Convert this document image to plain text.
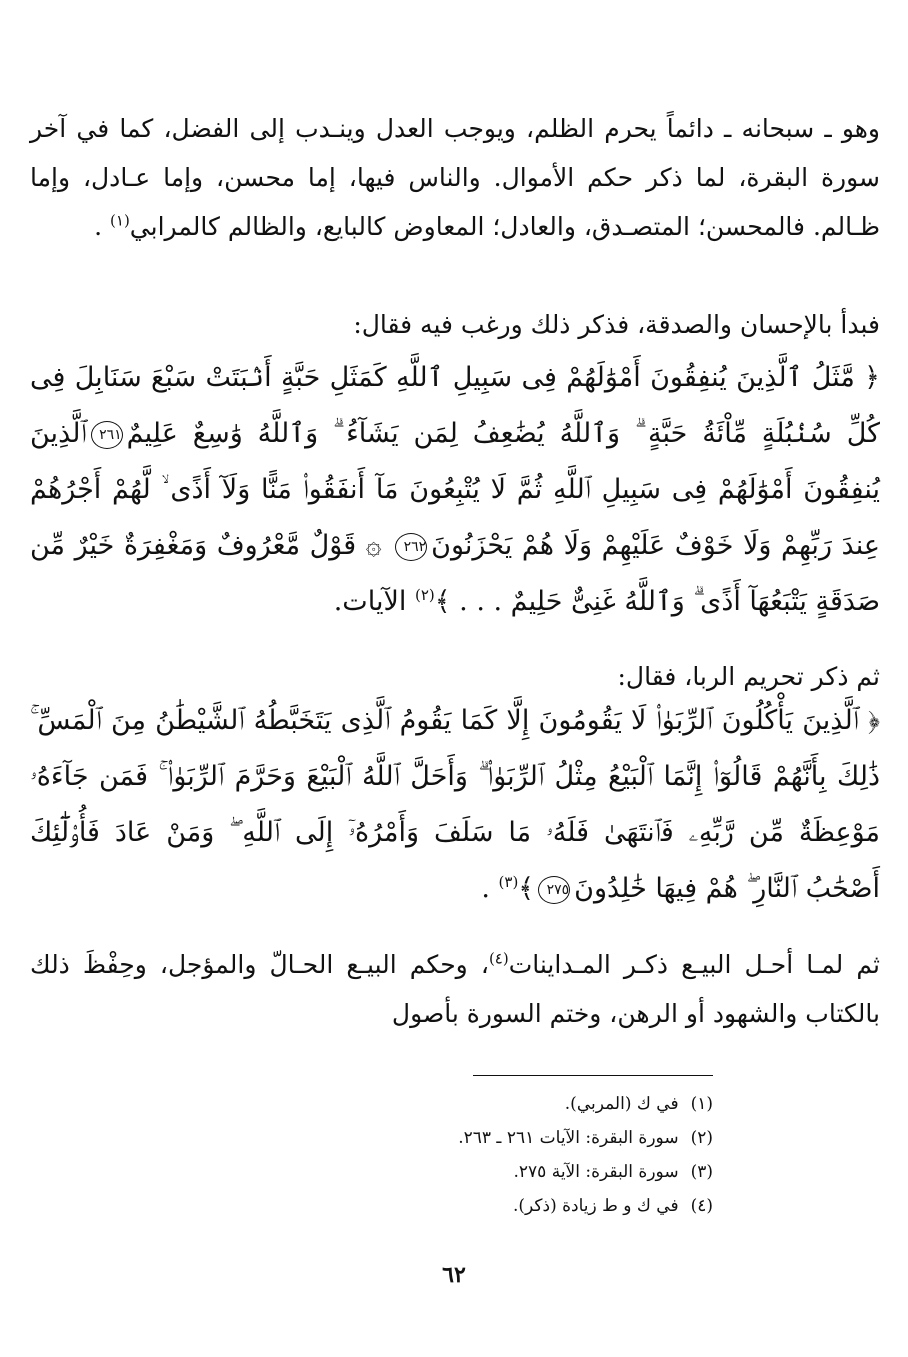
وهو ـ سبحانه ـ دائماً يحرم الظلم، ويوجب العدل وينـدب إلى الفضل، كما في آخر سورة البقرة، لما ذكر حكم الأموال. والناس فيها، إما محسن، وإما عـادل، وإما ظـالم. فالمحسن؛ المتصـدق، والعادل؛ المعاوض كالبايع، والظالم كالمرابي$^{(١)}$ .

فبدأ بالإحسان والصدقة، فذكر ذلك ورغب فيه فقال:

﴿ مَّثَلُ ٱلَّذِينَ يُنفِقُونَ أَمْوَٰلَهُمْ فِى سَبِيلِ ٱللَّهِ كَمَثَلِ حَبَّةٍ أَنۢبَتَتْ سَبْعَ سَنَابِلَ فِى كُلِّ سُنۢبُلَةٍ مِّاْئَةُ حَبَّةٍ ۗ وَٱللَّهُ يُضَٰعِفُ لِمَن يَشَآءُ ۗ وَٱللَّهُ وَٰسِعٌ عَلِيمٌ٢٦١ٱلَّذِينَ يُنفِقُونَ أَمْوَٰلَهُمْ فِى سَبِيلِ ٱللَّهِ ثُمَّ لَا يُتْبِعُونَ مَآ أَنفَقُوا۟ مَنًّا وَلَآ أَذًى ۙ لَّهُمْ أَجْرُهُمْ عِندَ رَبِّهِمْ وَلَا خَوْفٌ عَلَيْهِمْ وَلَا هُمْ يَحْزَنُونَ٢٦٢ ۞ قَوْلٌ مَّعْرُوفٌ وَمَغْفِرَةٌ خَيْرٌ مِّن صَدَقَةٍ يَتْبَعُهَآ أَذًى ۗ وَٱللَّهُ غَنِىٌّ حَلِيمٌ . . . ﴾$^{(٢)}$ الآيات.

ثم ذكر تحريم الربا، فقال:

﴿ ٱلَّذِينَ يَأْكُلُونَ ٱلرِّبَوٰا۟ لَا يَقُومُونَ إِلَّا كَمَا يَقُومُ ٱلَّذِى يَتَخَبَّطُهُ ٱلشَّيْطَٰنُ مِنَ ٱلْمَسِّ ۚ ذَٰلِكَ بِأَنَّهُمْ قَالُوٓا۟ إِنَّمَا ٱلْبَيْعُ مِثْلُ ٱلرِّبَوٰا۟ ۗ وَأَحَلَّ ٱللَّهُ ٱلْبَيْعَ وَحَرَّمَ ٱلرِّبَوٰا۟ ۚ فَمَن جَآءَهُۥ مَوْعِظَةٌ مِّن رَّبِّهِۦ فَٱنتَهَىٰ فَلَهُۥ مَا سَلَفَ وَأَمْرُهُۥٓ إِلَى ٱللَّهِ ۖ وَمَنْ عَادَ فَأُو۟لَٰٓئِكَ أَصْحَٰبُ ٱلنَّارِ ۖ هُمْ فِيهَا خَٰلِدُونَ٢٧٥﴾$^{(٣)}$ .

ثم لمـا أحـل البيـع ذكـر المـداينات$^{(٤)}$، وحكم البيـع الحـالّ والمؤجل، وحِفْظَ ذلك بالكتاب والشهود أو الرهن، وختم السورة بأصول

(١)في ك (المربي).
(٢)سورة البقرة: الآيات ٢٦١ ـ ٢٦٣.
(٣)سورة البقرة: الآية ٢٧٥.
(٤)في ك و ط زيادة (ذكر).
٦٢
